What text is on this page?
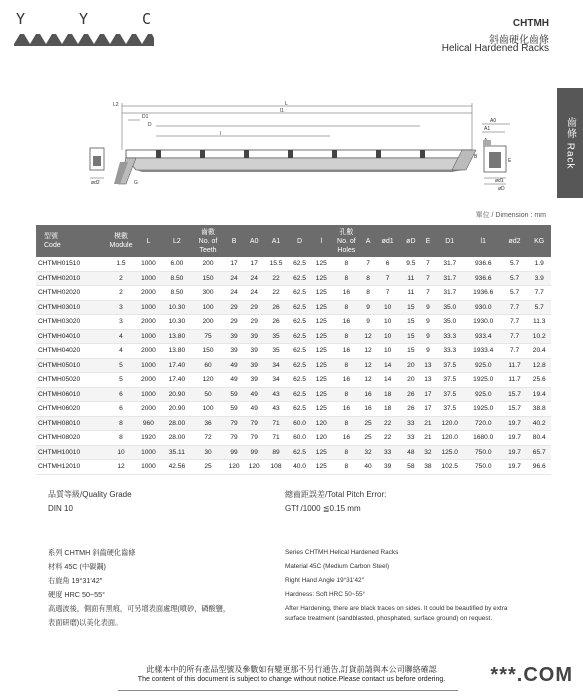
Y	Y	C	CHTMH
斜齒硬化齒條
Helical Hardened Racks
齒條 Rack
ød2
L2	L
l1
D1
D
l
G
A0
A1
B
E
ød1
øD
單位 / Dimension : mm
型號
Code	模數
Module	L	L2	齒數
No. of Teeth	B	A0	A1	D	l	孔數
No. of Holes	A	ød1	øD	E	D1	l1	ød2	KG
CHTMH01510	1.5	1000	6.00	200	17	17	15.5	62.5	125	8	7	6	9.5	7	31.7	936.6	5.7	1.9
CHTMH02010	2	1000	8.50	150	24	24	22	62.5	125	8	8	7	11	7	31.7	936.6	5.7	3.9
CHTMH02020	2	2000	8.50	300	24	24	22	62.5	125	16	8	7	11	7	31.7	1936.6	5.7	7.7
CHTMH03010	3	1000	10.30	100	29	29	26	62.5	125	8	9	10	15	9	35.0	930.0	7.7	5.7
CHTMH03020	3	2000	10.30	200	29	29	26	62.5	125	16	9	10	15	9	35.0	1930.0	7.7	11.3
CHTMH04010	4	1000	13.80	75	39	39	35	62.5	125	8	12	10	15	9	33.3	933.4	7.7	10.2
CHTMH04020	4	2000	13.80	150	39	39	35	62.5	125	16	12	10	15	9	33.3	1933.4	7.7	20.4
CHTMH05010	5	1000	17.40	60	49	39	34	62.5	125	8	12	14	20	13	37.5	925.0	11.7	12.8
CHTMH05020	5	2000	17.40	120	49	39	34	62.5	125	16	12	14	20	13	37.5	1925.0	11.7	25.6
CHTMH06010	6	1000	20.90	50	59	49	43	62.5	125	8	16	18	26	17	37.5	925.0	15.7	19.4
CHTMH06020	6	2000	20.90	100	59	49	43	62.5	125	16	16	18	26	17	37.5	1925.0	15.7	38.8
CHTMH08010	8	960	28.00	36	79	79	71	60.0	120	8	25	22	33	21	120.0	720.0	19.7	40.2
CHTMH08020	8	1920	28.00	72	79	79	71	60.0	120	16	25	22	33	21	120.0	1680.0	19.7	80.4
CHTMH10010	10	1000	35.11	30	99	99	89	62.5	125	8	32	33	48	32	125.0	750.0	19.7	65.7
CHTMH12010	12	1000	42.56	25	120	120	108	40.0	125	8	40	39	58	38	102.5	750.0	19.7	96.6
品質等級/Quality Grade
DIN 10
總齒距誤差/Total Pitch Error:
GTf /1000 ≦0.15 mm

系列 CHTMH 斜齒硬化齒條

材料 45C (中碳鋼)

右旋角 19°31′42″

硬度 HRC 50~55°

高週波後，側面有黑痕，可另增表面處理(噴砂，磷酸鹽，

表面研磨)以美化表面。

Series CHTMH Helical Hardened Racks

Material 45C (Medium Carbon Steel)

Right Hand Angle 19°31′42″

Hardness: Soft HRC 50~55°

After Hardening, there are black traces on sides. It could be beautified by extra surface treatment (sandblasted, phosphated, surface ground) on request.

此樣本中的所有產品型號及參數如有變更那不另行通告,訂貨前請與本公司聯絡確認
The content of this document is subject to change without notice.Please contact us before ordering.	***.COM
